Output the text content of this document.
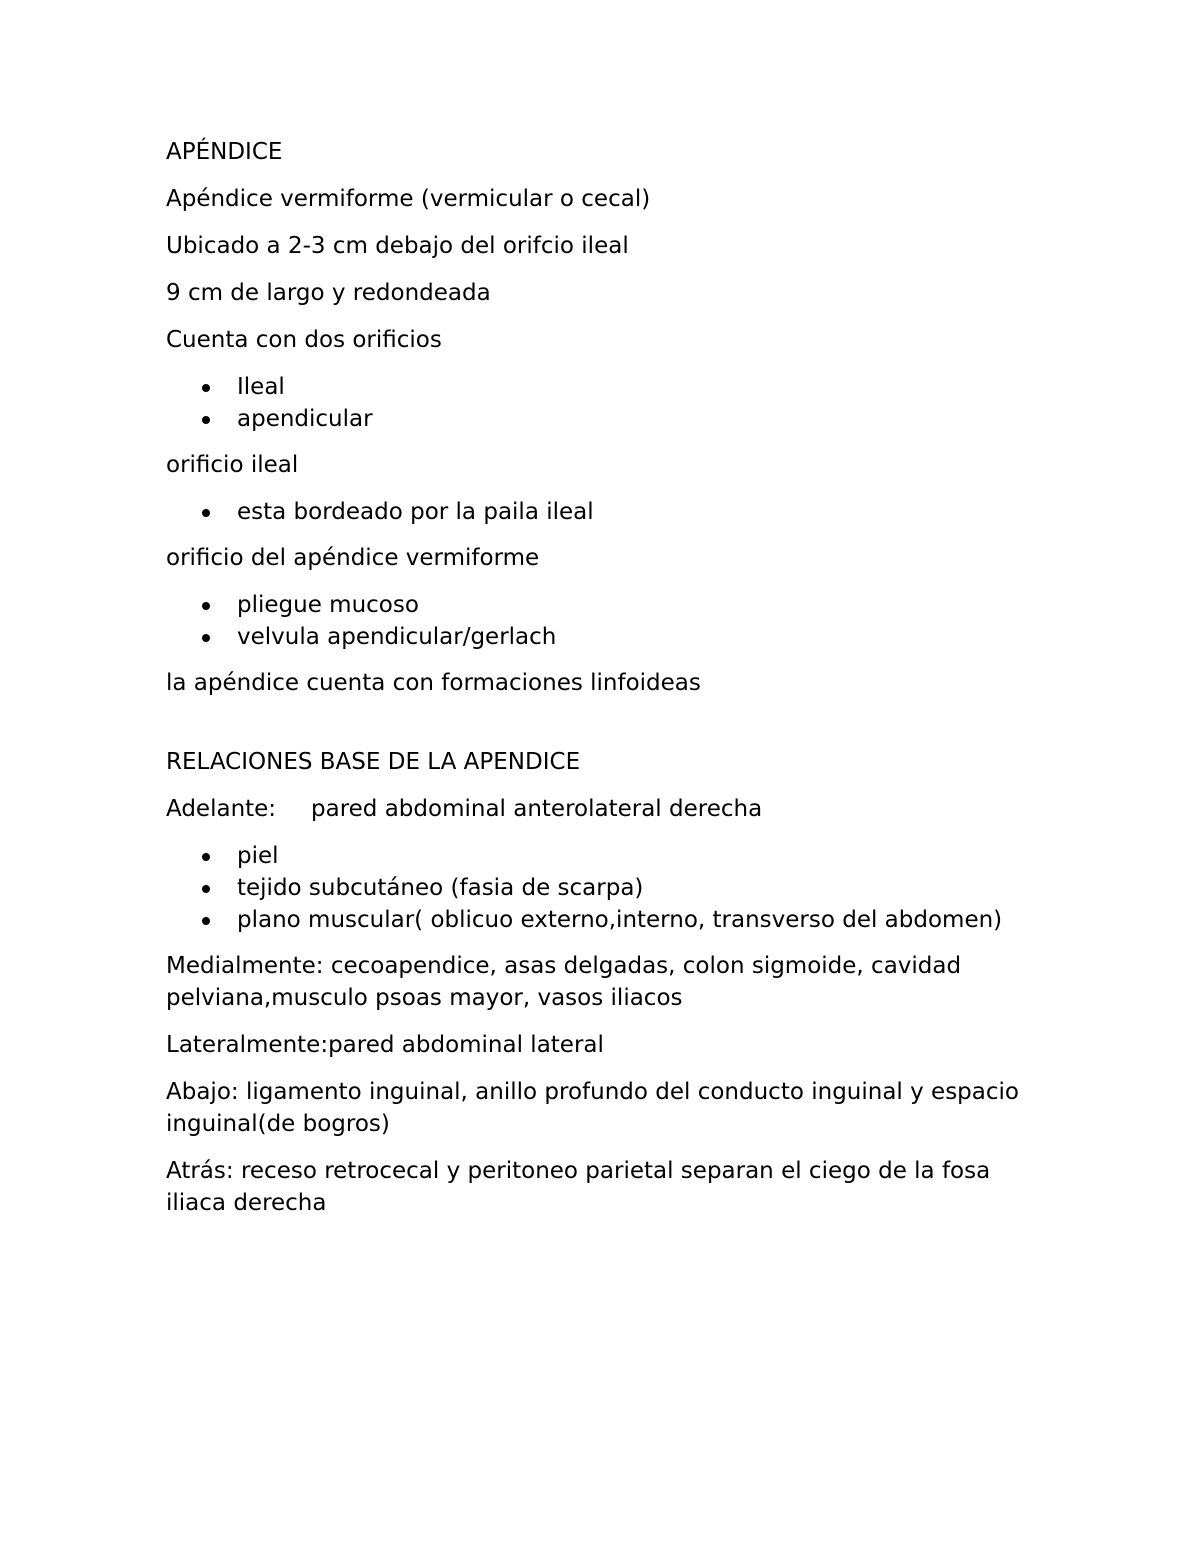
APÉNDICE

Apéndice vermiforme (vermicular o cecal)

Ubicado a 2-3 cm debajo del orifcio ileal

9 cm de largo y redondeada

Cuenta con dos orificios

Ileal
apendicular

orificio ileal

esta bordeado por la paila ileal

orificio del apéndice vermiforme

pliegue mucoso
velvula apendicular/gerlach

la apéndice cuenta con formaciones linfoideas

RELACIONES BASE DE LA APENDICE

Adelante: pared abdominal anterolateral derecha

piel
tejido subcutáneo (fasia de scarpa)
plano muscular( oblicuo externo,interno, transverso del abdomen)

Medialmente: cecoapendice, asas delgadas, colon sigmoide, cavidad pelviana,musculo psoas mayor, vasos iliacos

Lateralmente:pared abdominal lateral

Abajo: ligamento inguinal, anillo profundo del conducto inguinal y espacio inguinal(de bogros)

Atrás: receso retrocecal y peritoneo parietal separan el ciego de la fosa iliaca derecha
